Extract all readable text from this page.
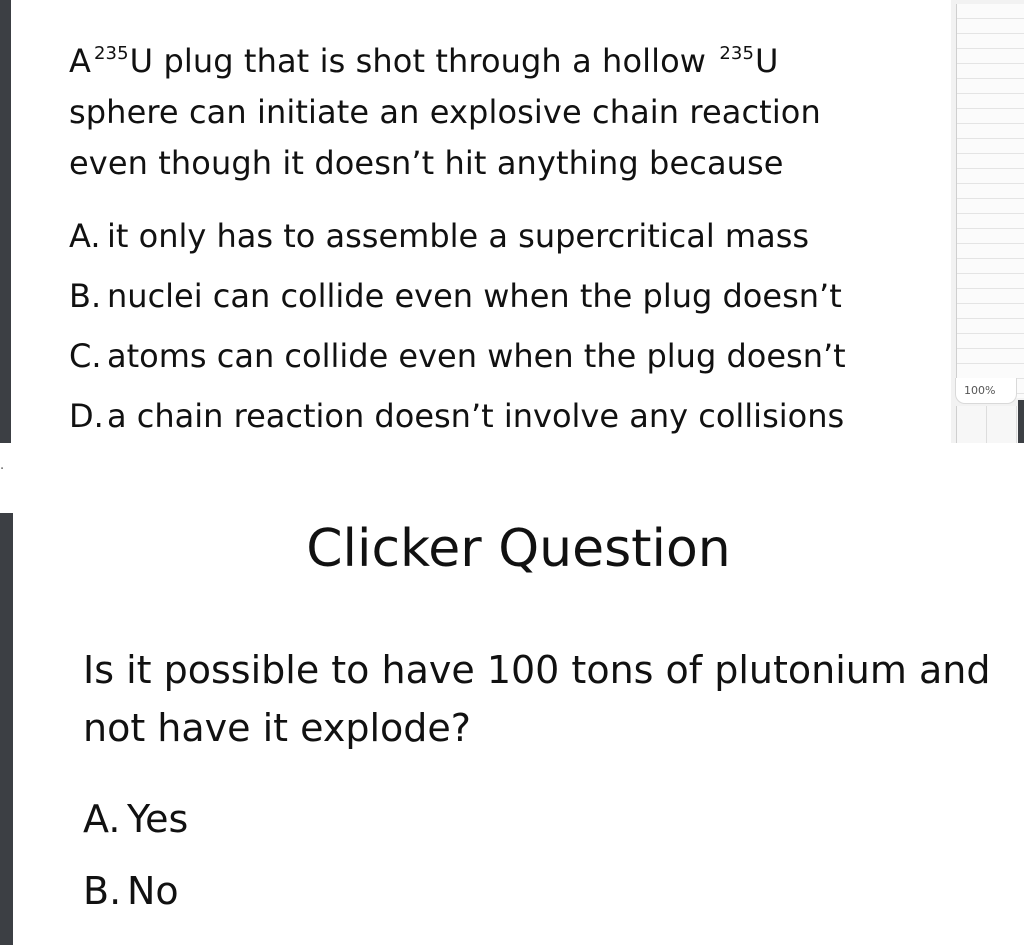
A $^{235}$U plug that is shot through a hollow $^{235}$U
sphere can initiate an explosive chain reaction
even though it doesn’t hit anything because
A. it only has to assemble a supercritical mass
B. nuclei can collide even when the plug doesn’t
C. atoms can collide even when the plug doesn’t
D.a chain reaction doesn’t involve any collisions
100%
.
Clicker Question
Is it possible to have 100 tons of plutonium and
not have it explode?
A. Yes
B. No
